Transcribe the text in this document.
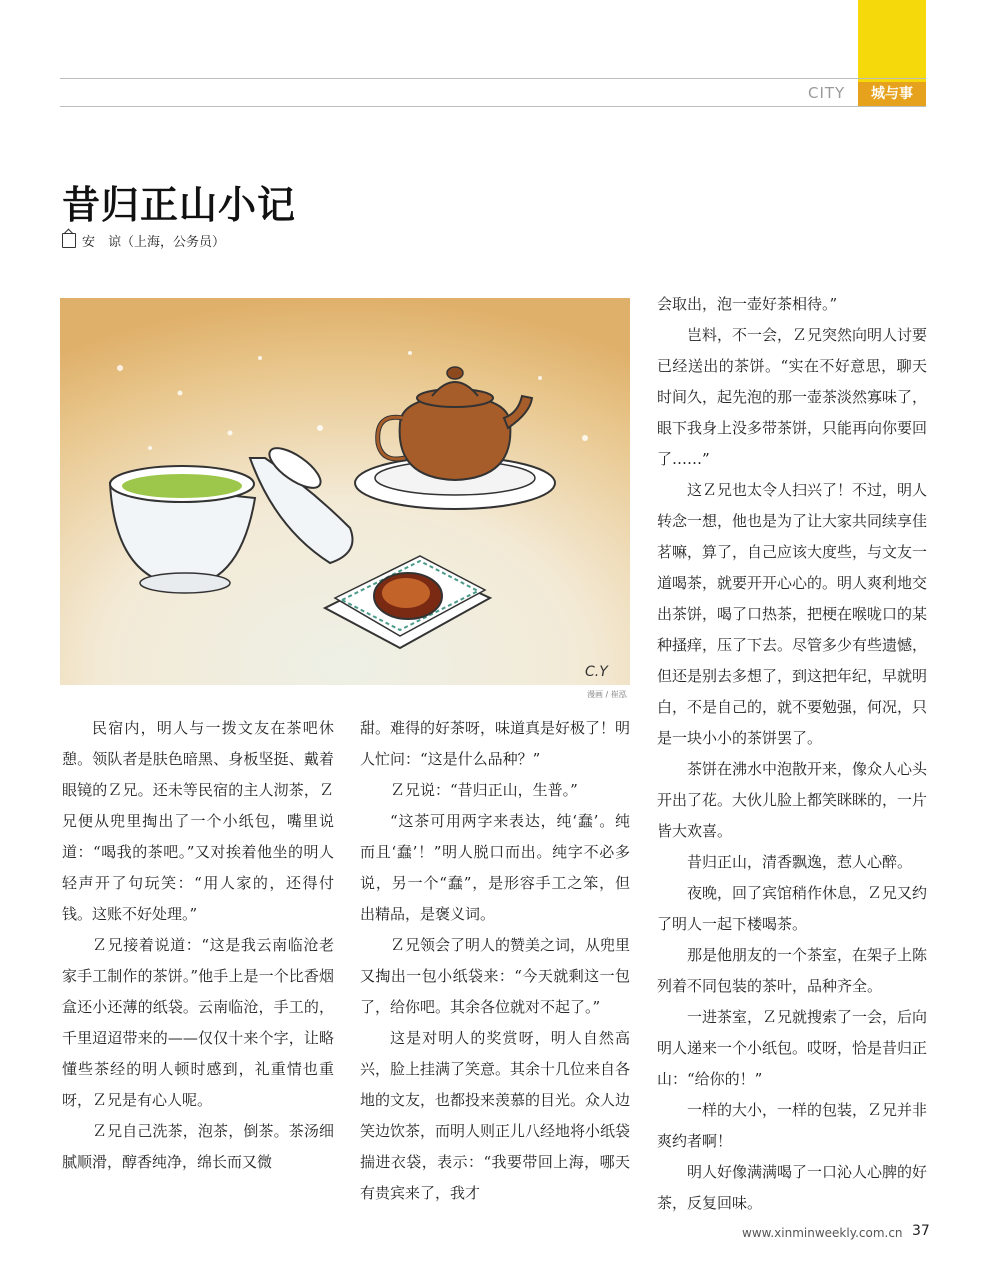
CITY	城与事
昔归正山小记
安　谅（上海，公务员）
C.Y
漫画 / 崔泓

民宿内，明人与一拨文友在茶吧休憩。领队者是肤色暗黑、身板坚挺、戴着眼镜的Ｚ兄。还未等民宿的主人沏茶，Ｚ兄便从兜里掏出了一个小纸包，嘴里说道：“喝我的茶吧。”又对挨着他坐的明人轻声开了句玩笑：“用人家的，还得付钱。这账不好处理。”

Ｚ兄接着说道：“这是我云南临沧老家手工制作的茶饼。”他手上是一个比香烟盒还小还薄的纸袋。云南临沧，手工的，千里迢迢带来的——仅仅十来个字，让略懂些茶经的明人顿时感到，礼重情也重呀，Ｚ兄是有心人呢。

Ｚ兄自己洗茶，泡茶，倒茶。茶汤细腻顺滑，醇香纯净，绵长而又微

甜。难得的好茶呀，味道真是好极了！明人忙问：“这是什么品种？”

Ｚ兄说：“昔归正山，生普。”

“这茶可用两字来表达，纯‘蠢’。纯而且‘蠢’！”明人脱口而出。纯字不必多说，另一个“蠢”，是形容手工之笨，但出精品，是褒义词。

Ｚ兄领会了明人的赞美之词，从兜里又掏出一包小纸袋来：“今天就剩这一包了，给你吧。其余各位就对不起了。”

这是对明人的奖赏呀，明人自然高兴，脸上挂满了笑意。其余十几位来自各地的文友，也都投来羡慕的目光。众人边笑边饮茶，而明人则正儿八经地将小纸袋揣进衣袋，表示：“我要带回上海，哪天有贵宾来了，我才

会取出，泡一壶好茶相待。”

岂料，不一会，Ｚ兄突然向明人讨要已经送出的茶饼。“实在不好意思，聊天时间久，起先泡的那一壶茶淡然寡味了，眼下我身上没多带茶饼，只能再向你要回了……”

这Ｚ兄也太令人扫兴了！不过，明人转念一想，他也是为了让大家共同续享佳茗嘛，算了，自己应该大度些，与文友一道喝茶，就要开开心心的。明人爽利地交出茶饼，喝了口热茶，把梗在喉咙口的某种搔痒，压了下去。尽管多少有些遗憾，但还是别去多想了，到这把年纪，早就明白，不是自己的，就不要勉强，何况，只是一块小小的茶饼罢了。

茶饼在沸水中泡散开来，像众人心头开出了花。大伙儿脸上都笑眯眯的，一片皆大欢喜。

昔归正山，清香飘逸，惹人心醉。

夜晚，回了宾馆稍作休息，Ｚ兄又约了明人一起下楼喝茶。

那是他朋友的一个茶室，在架子上陈列着不同包装的茶叶，品种齐全。

一进茶室，Ｚ兄就搜索了一会，后向明人递来一个小纸包。哎呀，恰是昔归正山：“给你的！”

一样的大小，一样的包装，Ｚ兄并非爽约者啊！

明人好像满满喝了一口沁人心脾的好茶，反复回味。

www.xinminweekly.com.cn 37
